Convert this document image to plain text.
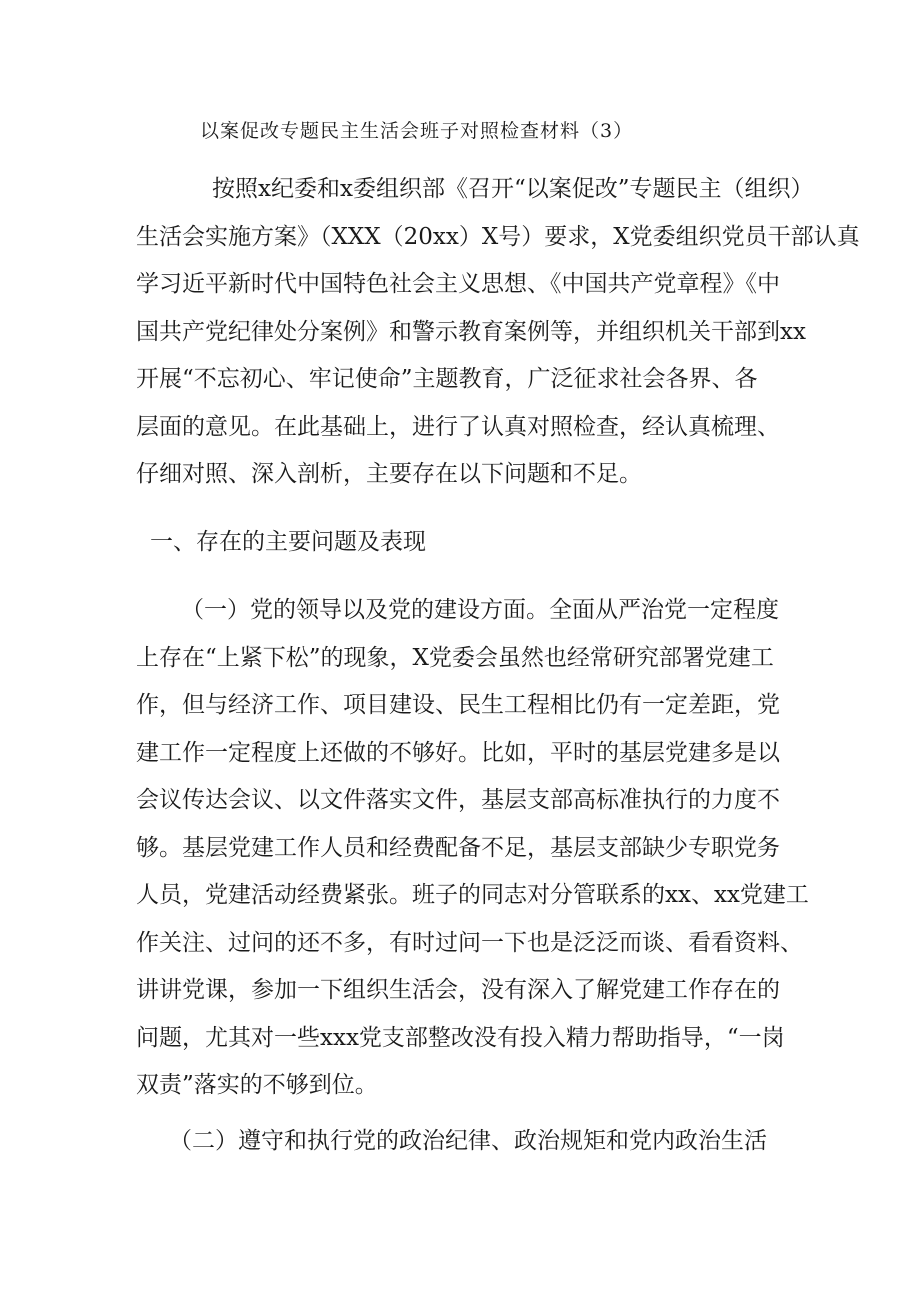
以案促改专题民主生活会班子对照检查材料（3）
按照x纪委和x委组织部《召开“以案促改”专题民主（组织）
生活会实施方案》（XXX（20xx）X号）要求，X党委组织党员干部认真
学习近平新时代中国特色社会主义思想、《中国共产党章程》《中
国共产党纪律处分案例》和警示教育案例等，并组织机关干部到xx
开展“不忘初心、牢记使命”主题教育，广泛征求社会各界、各
层面的意见。在此基础上，进行了认真对照检查，经认真梳理、
仔细对照、深入剖析，主要存在以下问题和不足。
一、存在的主要问题及表现
（一）党的领导以及党的建设方面。全面从严治党一定程度
上存在“上紧下松”的现象，X党委会虽然也经常研究部署党建工
作，但与经济工作、项目建设、民生工程相比仍有一定差距，党
建工作一定程度上还做的不够好。比如，平时的基层党建多是以
会议传达会议、以文件落实文件，基层支部高标准执行的力度不
够。基层党建工作人员和经费配备不足，基层支部缺少专职党务
人员，党建活动经费紧张。班子的同志对分管联系的xx、xx党建工
作关注、过问的还不多，有时过问一下也是泛泛而谈、看看资料、
讲讲党课，参加一下组织生活会，没有深入了解党建工作存在的
问题，尤其对一些xxx党支部整改没有投入精力帮助指导，“一岗
双责”落实的不够到位。
（二）遵守和执行党的政治纪律、政治规矩和党内政治生活
